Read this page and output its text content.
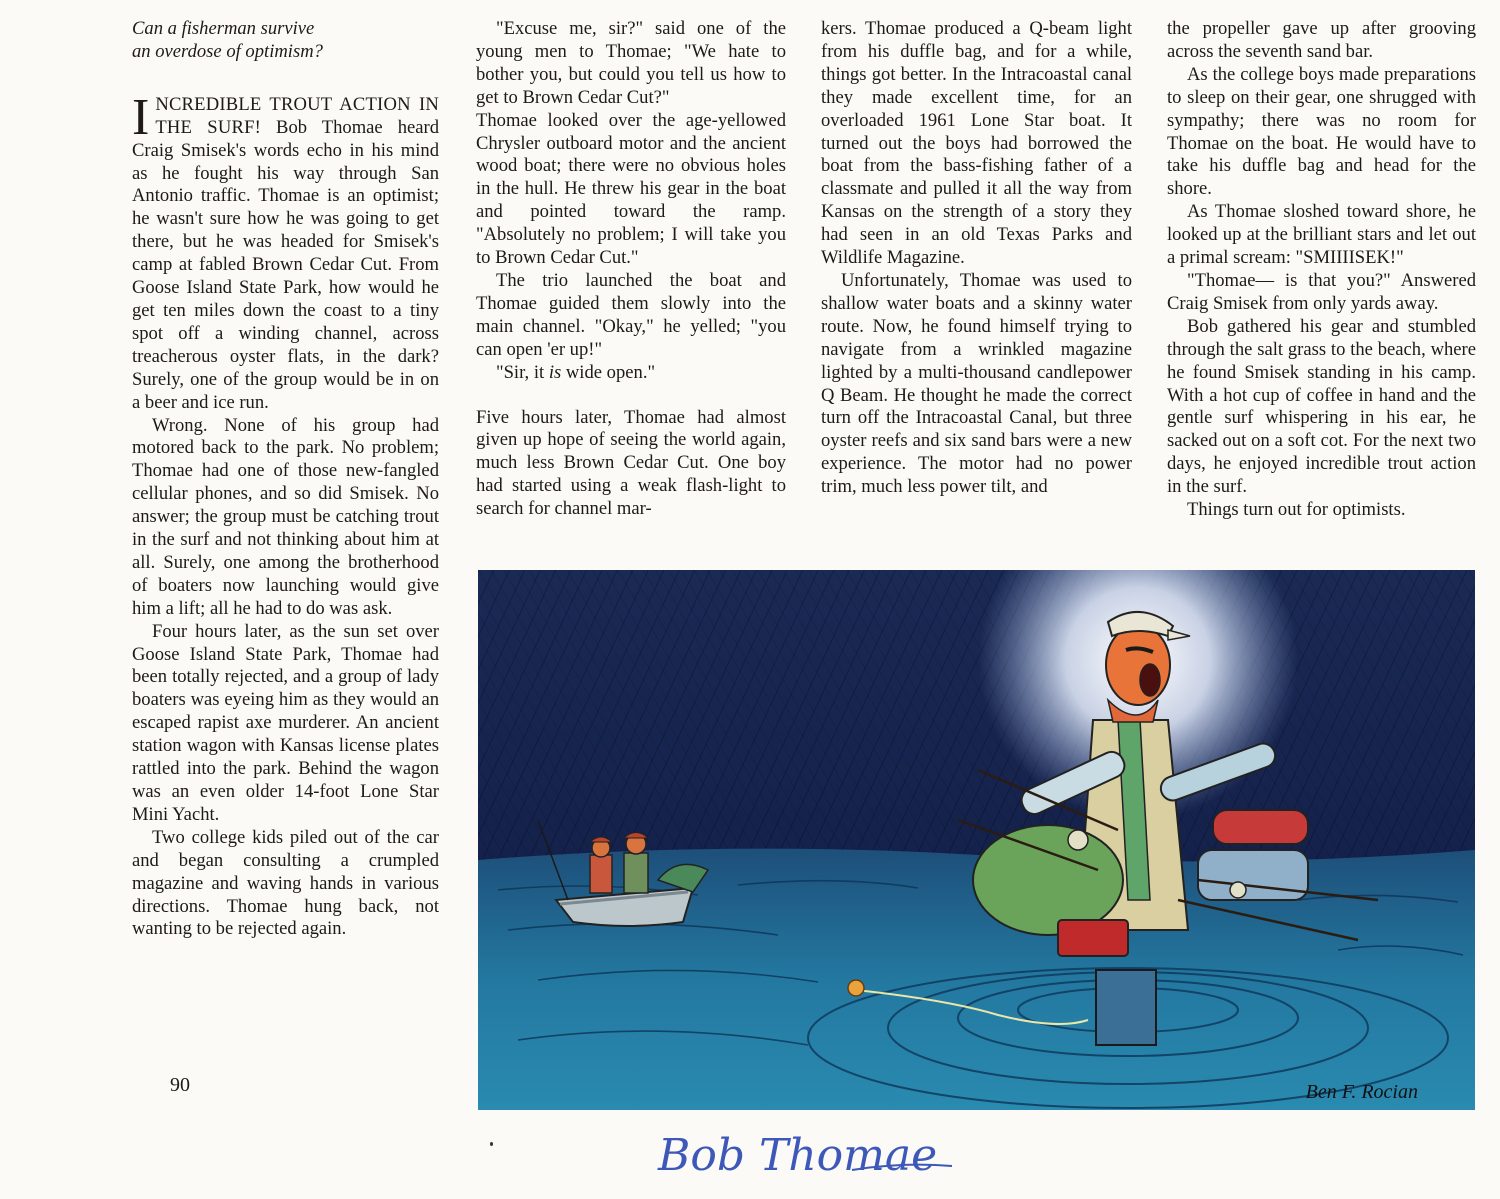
Can a fisherman survive
an overdose of optimism?

INCREDIBLE TROUT ACTION IN THE SURF! Bob Thomae heard Craig Smisek's words echo in his mind as he fought his way through San Antonio traffic. Thomae is an optimist; he wasn't sure how he was going to get there, but he was headed for Smisek's camp at fabled Brown Cedar Cut. From Goose Island State Park, how would he get ten miles down the coast to a tiny spot off a winding channel, across treacherous oyster flats, in the dark? Surely, one of the group would be in on a beer and ice run.

Wrong. None of his group had motored back to the park. No problem; Thomae had one of those new-fangled cellular phones, and so did Smisek. No answer; the group must be catching trout in the surf and not thinking about him at all. Surely, one among the brotherhood of boaters now launching would give him a lift; all he had to do was ask.

Four hours later, as the sun set over Goose Island State Park, Thomae had been totally rejected, and a group of lady boaters was eyeing him as they would an escaped rapist axe murderer. An ancient station wagon with Kansas license plates rattled into the park. Behind the wagon was an even older 14-foot Lone Star Mini Yacht.

Two college kids piled out of the car and began consulting a crumpled magazine and waving hands in various directions. Thomae hung back, not wanting to be rejected again.

"Excuse me, sir?" said one of the young men to Thomae; "We hate to bother you, but could you tell us how to get to Brown Cedar Cut?"

Thomae looked over the age-yellowed Chrysler outboard motor and the ancient wood boat; there were no obvious holes in the hull. He threw his gear in the boat and pointed toward the ramp. "Absolutely no problem; I will take you to Brown Cedar Cut."

The trio launched the boat and Thomae guided them slowly into the main channel. "Okay," he yelled; "you can open 'er up!"

"Sir, it is wide open."

Five hours later, Thomae had almost given up hope of seeing the world again, much less Brown Cedar Cut. One boy had started using a weak flash-light to search for channel mar-

kers. Thomae produced a Q-beam light from his duffle bag, and for a while, things got better. In the Intracoastal canal they made excellent time, for an overloaded 1961 Lone Star boat. It turned out the boys had borrowed the boat from the bass-fishing father of a classmate and pulled it all the way from Kansas on the strength of a story they had seen in an old Texas Parks and Wildlife Magazine.

Unfortunately, Thomae was used to shallow water boats and a skinny water route. Now, he found himself trying to navigate from a wrinkled magazine lighted by a multi-thousand candlepower Q Beam. He thought he made the correct turn off the Intracoastal Canal, but three oyster reefs and six sand bars were a new experience. The motor had no power trim, much less power tilt, and

the propeller gave up after grooving across the seventh sand bar.

As the college boys made preparations to sleep on their gear, one shrugged with sympathy; there was no room for Thomae on the boat. He would have to take his duffle bag and head for the shore.

As Thomae sloshed toward shore, he looked up at the brilliant stars and let out a primal scream: "SMIIIISEK!"

"Thomae— is that you?" Answered Craig Smisek from only yards away.

Bob gathered his gear and stumbled through the salt grass to the beach, where he found Smisek standing in his camp. With a hot cup of coffee in hand and the gentle surf whispering in his ear, he sacked out on a soft cot. For the next two days, he enjoyed incredible trout action in the surf.

Things turn out for optimists.

90	Ben F. Rocian
Bob Thomae
